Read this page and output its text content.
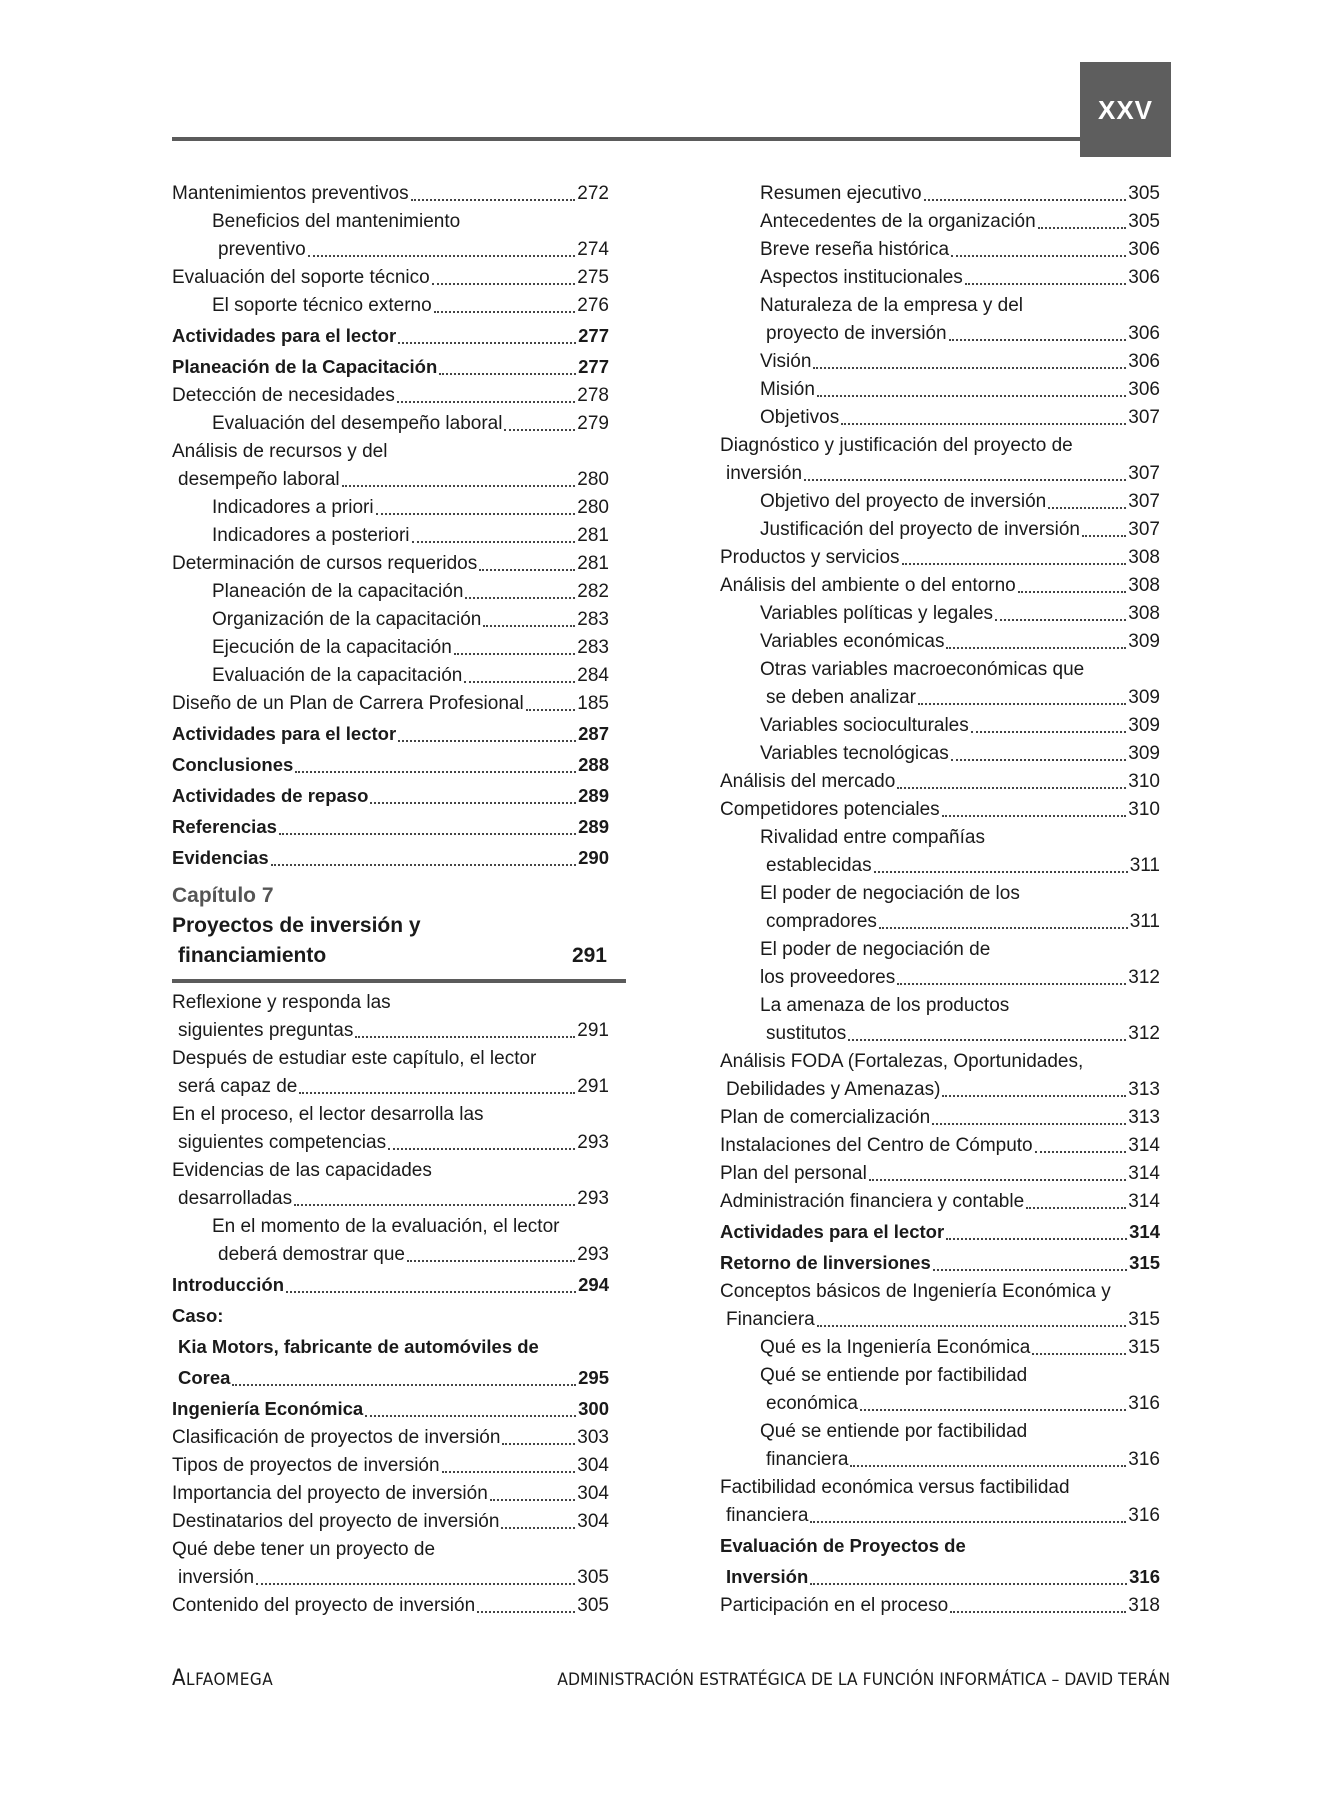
XXV
Mantenimientos preventivos	272
Beneficios del mantenimiento
preventivo	274
Evaluación del soporte técnico	275
El soporte técnico externo	276
Actividades para el lector	277
Planeación de la Capacitación	277
Detección de necesidades	278
Evaluación del desempeño laboral	279
Análisis de recursos y del
desempeño laboral	280
Indicadores a priori	280
Indicadores a posteriori	281
Determinación de cursos requeridos	281
Planeación de la capacitación	282
Organización de la capacitación	283
Ejecución de la capacitación	283
Evaluación de la capacitación	284
Diseño de un Plan de Carrera Profesional	185
Actividades para el lector	287
Conclusiones	288
Actividades de repaso	289
Referencias	289
Evidencias	290
Capítulo 7
Proyectos de inversión y
financiamiento	291
Reflexione y responda las
siguientes preguntas	291
Después de estudiar este capítulo, el lector
será capaz de	291
En el proceso, el lector desarrolla las
siguientes competencias	293
Evidencias de las capacidades
desarrolladas	293
En el momento de la evaluación, el lector
deberá demostrar que	293
Introducción	294
Caso:
Kia Motors, fabricante de automóviles de
Corea	295
Ingeniería Económica	300
Clasificación de proyectos de inversión	303
Tipos de proyectos de inversión	304
Importancia del proyecto de inversión	304
Destinatarios del proyecto de inversión	304
Qué debe tener un proyecto de
inversión	305
Contenido del proyecto de inversión	305
Resumen ejecutivo	305
Antecedentes de la organización	305
Breve reseña histórica	306
Aspectos institucionales	306
Naturaleza de la empresa y del
proyecto de inversión	306
Visión	306
Misión	306
Objetivos	307
Diagnóstico y justificación del proyecto de
inversión	307
Objetivo del proyecto de inversión	307
Justificación del proyecto de inversión	307
Productos y servicios	308
Análisis del ambiente o del entorno	308
Variables políticas y legales	308
Variables económicas	309
Otras variables macroeconómicas que
se deben analizar	309
Variables socioculturales	309
Variables tecnológicas	309
Análisis del mercado	310
Competidores potenciales	310
Rivalidad entre compañías
establecidas	311
El poder de negociación de los
compradores	311
El poder de negociación de
los proveedores	312
La amenaza de los productos
sustitutos	312
Análisis FODA (Fortalezas, Oportunidades,
Debilidades y Amenazas)	313
Plan de comercialización	313
Instalaciones del Centro de Cómputo	314
Plan del personal	314
Administración financiera y contable	314
Actividades para el lector	314
Retorno de linversiones	315
Conceptos básicos de Ingeniería Económica y
Financiera	315
Qué es la Ingeniería Económica	315
Qué se entiende por factibilidad
económica	316
Qué se entiende por factibilidad
financiera	316
Factibilidad económica versus factibilidad
financiera	316
Evaluación de Proyectos de
Inversión	316
Participación en el proceso	318
ALFAOMEGA	ADMINISTRACIÓN ESTRATÉGICA DE LA FUNCIÓN INFORMÁTICA – DAVID TERÁN
